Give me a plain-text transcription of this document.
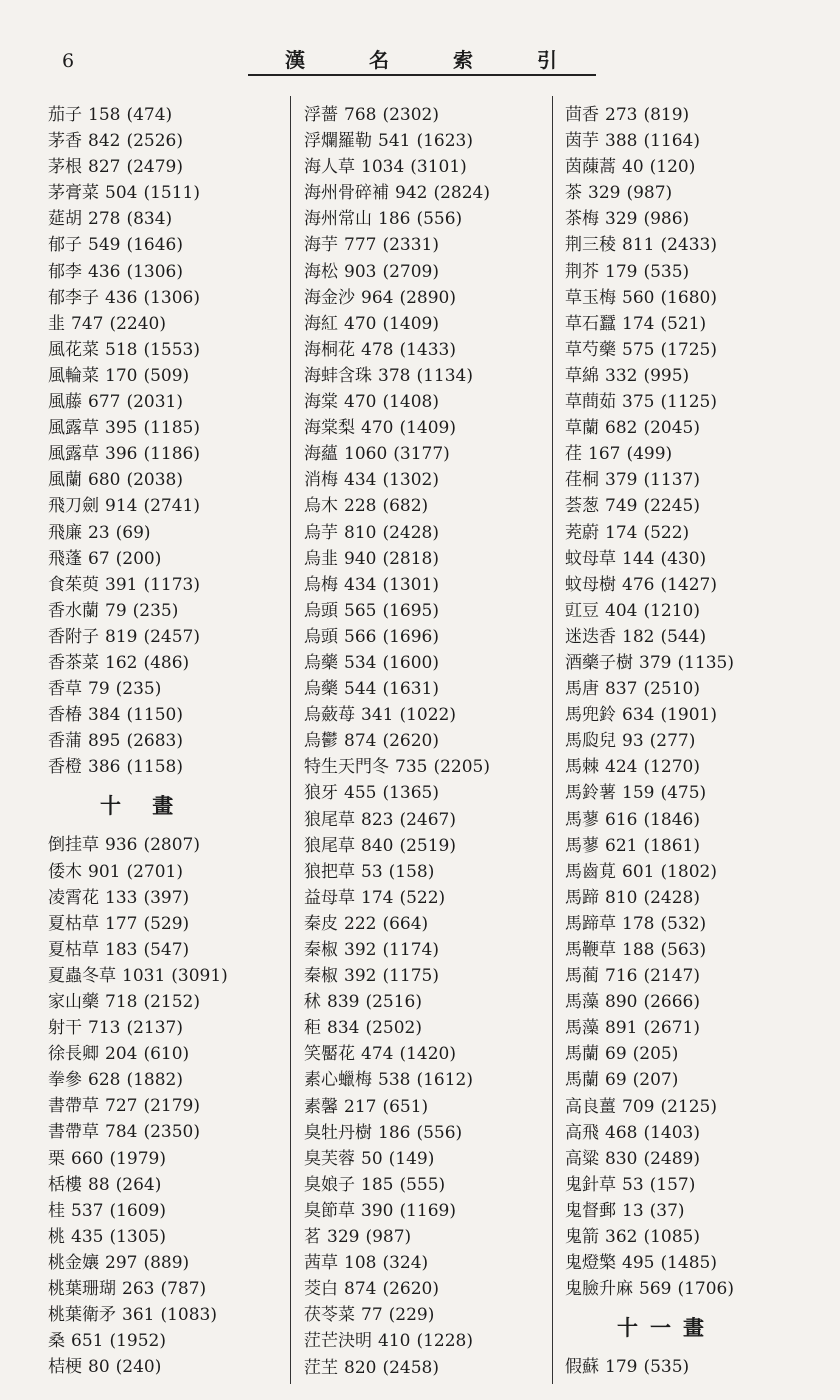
6	漢	名	索	引
茄子 158 (474)
茅香 842 (2526)
茅根 827 (2479)
茅膏菜 504 (1511)
莚胡 278 (834)
郁子 549 (1646)
郁李 436 (1306)
郁李子 436 (1306)
韭 747 (2240)
風花菜 518 (1553)
風輪菜 170 (509)
風藤 677 (2031)
風露草 395 (1185)
風露草 396 (1186)
風蘭 680 (2038)
飛刀劍 914 (2741)
飛廉 23 (69)
飛蓬 67 (200)
食茱萸 391 (1173)
香水蘭 79 (235)
香附子 819 (2457)
香茶菜 162 (486)
香草 79 (235)
香椿 384 (1150)
香蒲 895 (2683)
香橙 386 (1158)
十 畫
倒挂草 936 (2807)
倭木 901 (2701)
凌霄花 133 (397)
夏枯草 177 (529)
夏枯草 183 (547)
夏蟲冬草 1031 (3091)
家山藥 718 (2152)
射干 713 (2137)
徐長卿 204 (610)
拳參 628 (1882)
書帶草 727 (2179)
書帶草 784 (2350)
栗 660 (1979)
栝樓 88 (264)
桂 537 (1609)
桃 435 (1305)
桃金孃 297 (889)
桃葉珊瑚 263 (787)
桃葉衛矛 361 (1083)
桑 651 (1952)
桔梗 80 (240)
浮薔 768 (2302)
浮爛羅勒 541 (1623)
海人草 1034 (3101)
海州骨碎補 942 (2824)
海州常山 186 (556)
海芋 777 (2331)
海松 903 (2709)
海金沙 964 (2890)
海紅 470 (1409)
海桐花 478 (1433)
海蚌含珠 378 (1134)
海棠 470 (1408)
海棠梨 470 (1409)
海蘊 1060 (3177)
消梅 434 (1302)
烏木 228 (682)
烏芋 810 (2428)
烏韭 940 (2818)
烏梅 434 (1301)
烏頭 565 (1695)
烏頭 566 (1696)
烏藥 534 (1600)
烏藥 544 (1631)
烏蘞苺 341 (1022)
烏鬱 874 (2620)
特生天門冬 735 (2205)
狼牙 455 (1365)
狼尾草 823 (2467)
狼尾草 840 (2519)
狼把草 53 (158)
益母草 174 (522)
秦皮 222 (664)
秦椒 392 (1174)
秦椒 392 (1175)
秫 839 (2516)
秬 834 (2502)
笑靨花 474 (1420)
素心蠟梅 538 (1612)
素馨 217 (651)
臭牡丹樹 186 (556)
臭芙蓉 50 (149)
臭娘子 185 (555)
臭節草 390 (1169)
茗 329 (987)
茜草 108 (324)
茭白 874 (2620)
茯苓菜 77 (229)
茳芒決明 410 (1228)
茳芏 820 (2458)
茴香 273 (819)
茵芋 388 (1164)
茵蔯蒿 40 (120)
茶 329 (987)
茶梅 329 (986)
荆三稜 811 (2433)
荆芥 179 (535)
草玉梅 560 (1680)
草石蠶 174 (521)
草芍藥 575 (1725)
草綿 332 (995)
草蔄茹 375 (1125)
草蘭 682 (2045)
荏 167 (499)
荏桐 379 (1137)
荟葱 749 (2245)
茺蔚 174 (522)
蚊母草 144 (430)
蚊母樹 476 (1427)
豇豆 404 (1210)
迷迭香 182 (544)
酒藥子樹 379 (1135)
馬唐 837 (2510)
馬兜鈴 634 (1901)
馬瓝兒 93 (277)
馬棘 424 (1270)
馬鈴薯 159 (475)
馬蓼 616 (1846)
馬蓼 621 (1861)
馬齒莧 601 (1802)
馬蹄 810 (2428)
馬蹄草 178 (532)
馬鞭草 188 (563)
馬蔺 716 (2147)
馬藻 890 (2666)
馬藻 891 (2671)
馬蘭 69 (205)
馬蘭 69 (207)
高良薑 709 (2125)
高飛 468 (1403)
高粱 830 (2489)
鬼針草 53 (157)
鬼督郵 13 (37)
鬼箭 362 (1085)
鬼燈檠 495 (1485)
鬼臉升麻 569 (1706)
十一畫
假蘇 179 (535)
